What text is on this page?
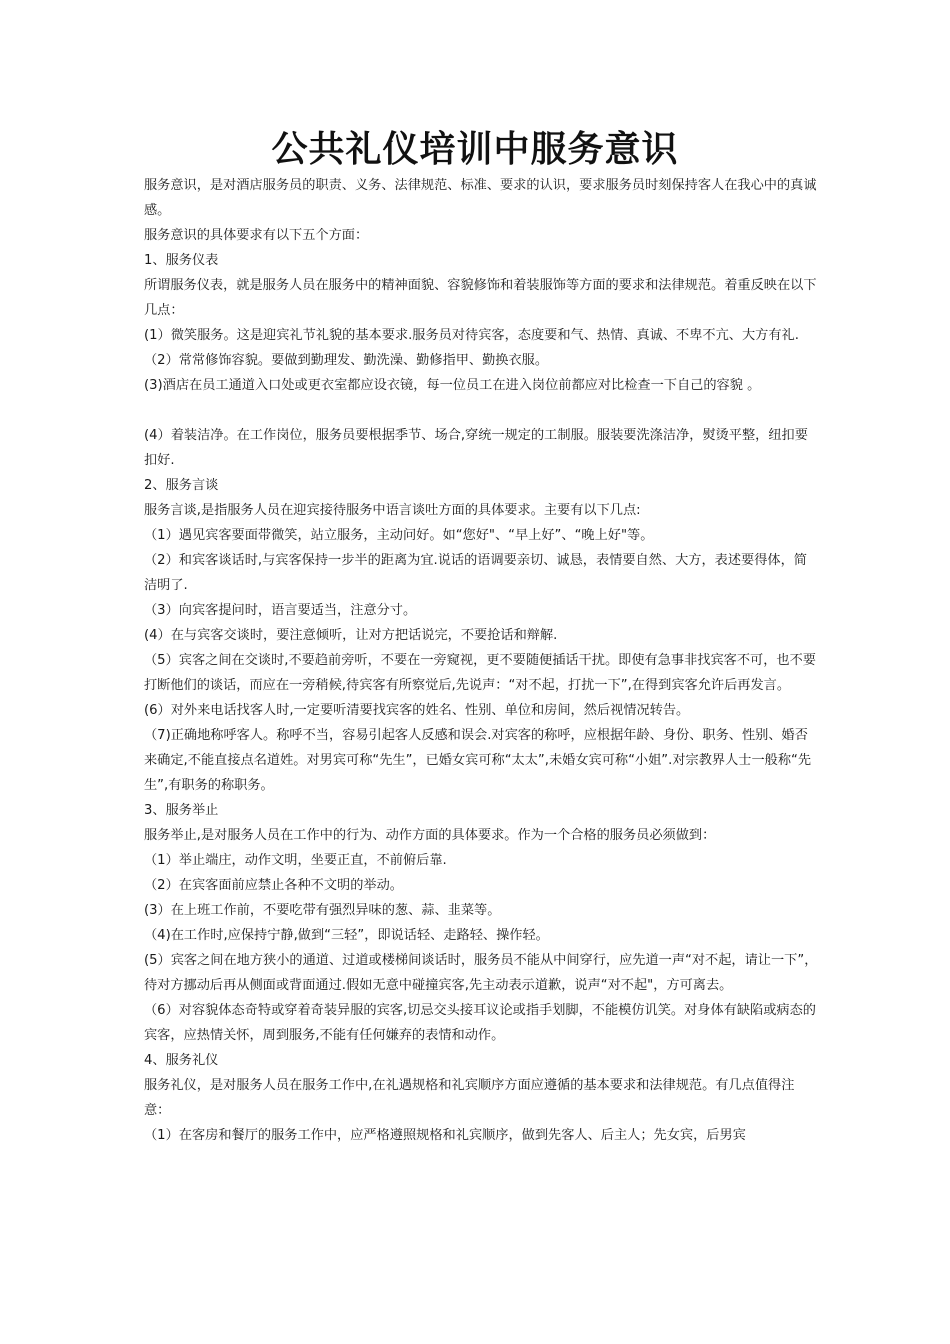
公共礼仪培训中服务意识

服务意识，是对酒店服务员的职责、义务、法律规范、标准、要求的认识，要求服务员时刻保持客人在我心中的真诚感。

服务意识的具体要求有以下五个方面：

1、服务仪表

所谓服务仪表，就是服务人员在服务中的精神面貌、容貌修饰和着装服饰等方面的要求和法律规范。着重反映在以下几点：

(1）微笑服务。这是迎宾礼节礼貌的基本要求.服务员对待宾客，态度要和气、热情、真诚、不卑不亢、大方有礼.

（2）常常修饰容貌。要做到勤理发、勤洗澡、勤修指甲、勤换衣服。

(3)酒店在员工通道入口处或更衣室都应设衣镜，每一位员工在进入岗位前都应对比检查一下自己的容貌 。

(4）着装洁净。在工作岗位，服务员要根据季节、场合,穿统一规定的工制服。服装要洗涤洁净，熨烫平整，纽扣要扣好.

2、服务言谈

服务言谈,是指服务人员在迎宾接待服务中语言谈吐方面的具体要求。主要有以下几点:

（1）遇见宾客要面带微笑，站立服务，主动问好。如“您好"、“早上好”、“晚上好"等。

（2）和宾客谈话时,与宾客保持一步半的距离为宜.说话的语调要亲切、诚恳，表情要自然、大方，表述要得体，简洁明了.

（3）向宾客提问时，语言要适当，注意分寸。

(4）在与宾客交谈时，要注意倾听，让对方把话说完，不要抢话和辩解.

（5）宾客之间在交谈时,不要趋前旁听，不要在一旁窥视，更不要随便插话干扰。即使有急事非找宾客不可，也不要打断他们的谈话，而应在一旁稍候,待宾客有所察觉后,先说声：“对不起，打扰一下”,在得到宾客允许后再发言。

(6）对外来电话找客人时,一定要听清要找宾客的姓名、性别、单位和房间，然后视情况转告。

（7)正确地称呼客人。称呼不当，容易引起客人反感和误会.对宾客的称呼，应根据年龄、身份、职务、性别、婚否来确定,不能直接点名道姓。对男宾可称“先生”，已婚女宾可称“太太”,未婚女宾可称“小姐”.对宗教界人士一般称“先生”,有职务的称职务。

3、服务举止

服务举止,是对服务人员在工作中的行为、动作方面的具体要求。作为一个合格的服务员必须做到：

（1）举止端庄，动作文明，坐要正直，不前俯后靠.

（2）在宾客面前应禁止各种不文明的举动。

(3）在上班工作前，不要吃带有强烈异味的葱、蒜、韭菜等。

（4)在工作时,应保持宁静,做到“三轻”，即说话轻、走路轻、操作轻。

(5）宾客之间在地方狭小的通道、过道或楼梯间谈话时，服务员不能从中间穿行，应先道一声“对不起，请让一下”，待对方挪动后再从侧面或背面通过.假如无意中碰撞宾客,先主动表示道歉，说声“对不起"，方可离去。

（6）对容貌体态奇特或穿着奇装异服的宾客,切忌交头接耳议论或指手划脚，不能模仿讥笑。对身体有缺陷或病态的宾客，应热情关怀，周到服务,不能有任何嫌弃的表情和动作。

4、服务礼仪

服务礼仪，是对服务人员在服务工作中,在礼遇规格和礼宾顺序方面应遵循的基本要求和法律规范。有几点值得注意：

（1）在客房和餐厅的服务工作中，应严格遵照规格和礼宾顺序，做到先客人、后主人；先女宾，后男宾
